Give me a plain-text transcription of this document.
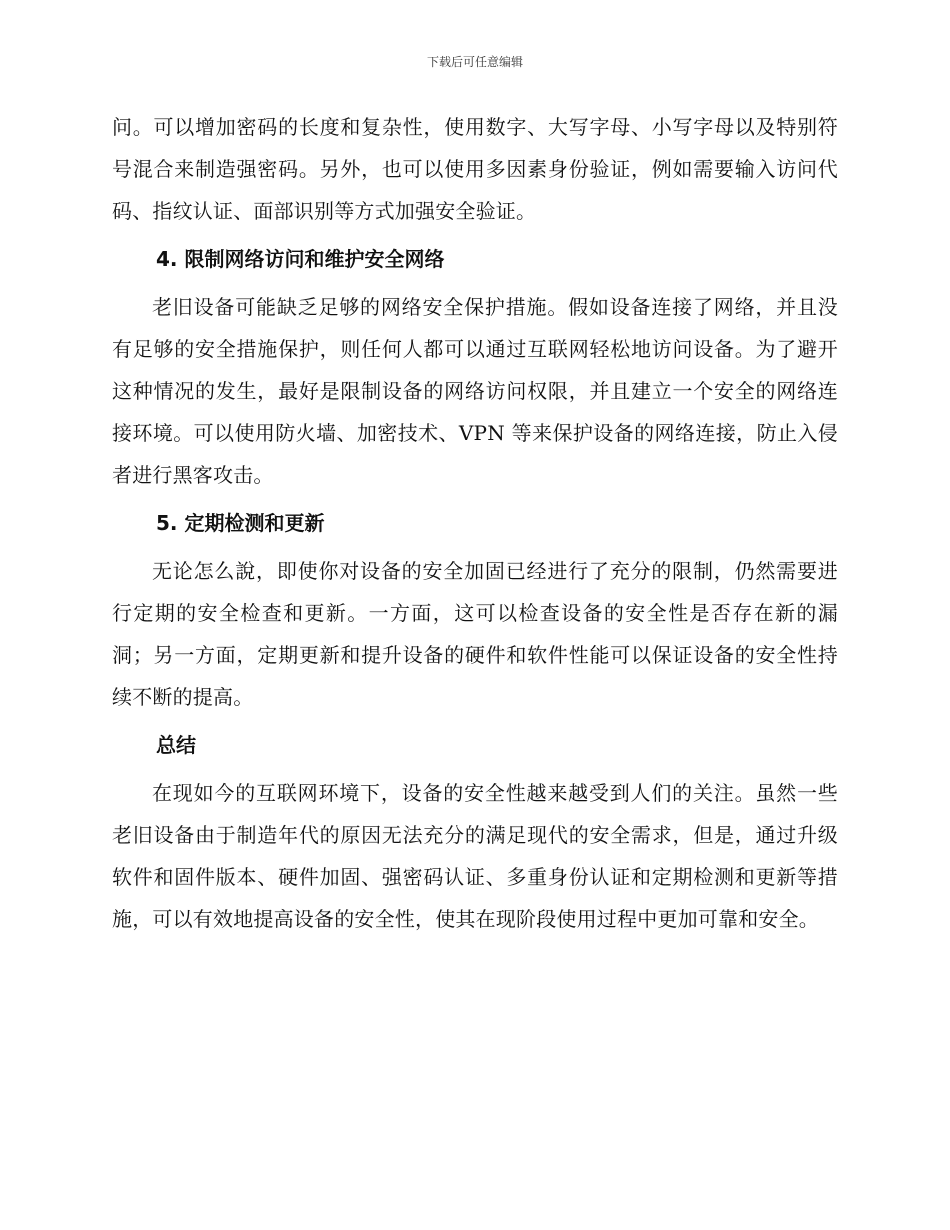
下载后可任意编辑

问。可以增加密码的长度和复杂性，使用数字、大写字母、小写字母以及特别符号混合来制造强密码。另外，也可以使用多因素身份验证，例如需要输入访问代码、指纹认证、面部识别等方式加强安全验证。

4. 限制网络访问和维护安全网络

老旧设备可能缺乏足够的网络安全保护措施。假如设备连接了网络，并且没有足够的安全措施保护，则任何人都可以通过互联网轻松地访问设备。为了避开这种情况的发生，最好是限制设备的网络访问权限，并且建立一个安全的网络连接环境。可以使用防火墙、加密技术、VPN 等来保护设备的网络连接，防止入侵者进行黑客攻击。

5. 定期检测和更新

无论怎么說，即使你对设备的安全加固已经进行了充分的限制，仍然需要进行定期的安全检查和更新。一方面，这可以检查设备的安全性是否存在新的漏洞；另一方面，定期更新和提升设备的硬件和软件性能可以保证设备的安全性持续不断的提高。

总结

在现如今的互联网环境下，设备的安全性越来越受到人们的关注。虽然一些老旧设备由于制造年代的原因无法充分的满足现代的安全需求，但是，通过升级软件和固件版本、硬件加固、强密码认证、多重身份认证和定期检测和更新等措施，可以有效地提高设备的安全性，使其在现阶段使用过程中更加可靠和安全。
